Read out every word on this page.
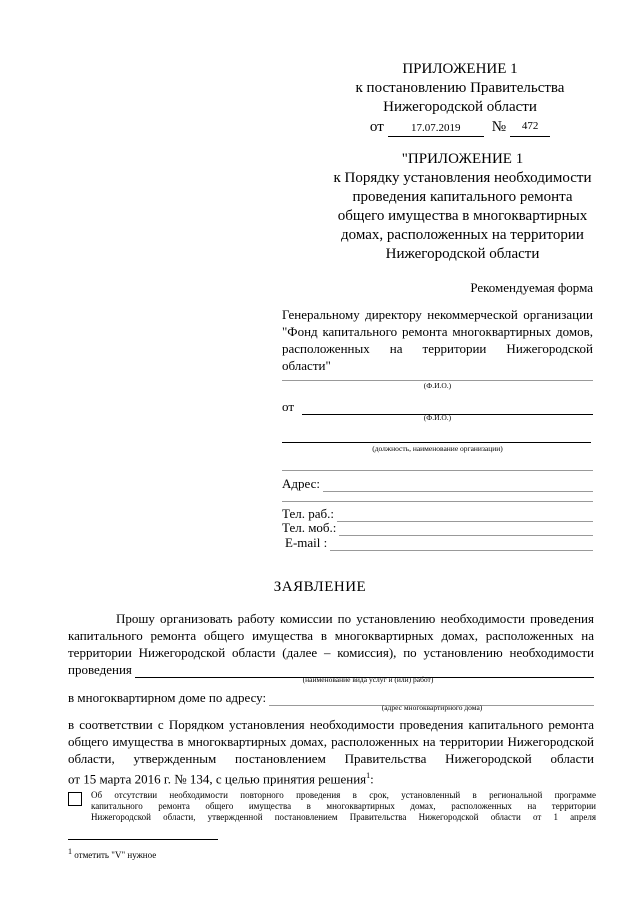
ПРИЛОЖЕНИЕ 1
к постановлению Правительства
Нижегородской области
от	17.07.2019	№	472
"ПРИЛОЖЕНИЕ 1
к Порядку установления необходимости
проведения капитального ремонта
общего имущества в многоквартирных
домах, расположенных на территории
Нижегородской области
Рекомендуемая форма
Генеральному директору некоммерческой организации
"Фонд капитального ремонта многоквартирных домов,
расположенных на территории Нижегородской
области"
(Ф.И.О.)
от
(Ф.И.О.)
(должность, наименование организации)
Адрес:
Тел. раб.:
Тел. моб.:
E-mail :
ЗАЯВЛЕНИЕ
Прошу организовать работу комиссии по установлению необходимости проведения
капитального ремонта общего имущества в многоквартирных домах, расположенных на
территории Нижегородской области (далее – комиссия), по установлению необходимости
проведения
(наименование вида услуг и (или) работ)
в многоквартирном доме по адресу:
(адрес многоквартирного дома)
в соответствии с Порядком установления необходимости проведения капитального ремонта
общего имущества в многоквартирных домах, расположенных на территории Нижегородской
области, утвержденным постановлением Правительства Нижегородской области
от 15 марта 2016 г. № 134, с целью принятия решения$^1$:
Об отсутствии необходимости повторного проведения в срок, установленный в региональной программе
капитального ремонта общего имущества в многоквартирных домах, расположенных на территории
Нижегородской области, утвержденной постановлением Правительства Нижегородской области от 1 апреля
$^1$ отметить "V" нужное
